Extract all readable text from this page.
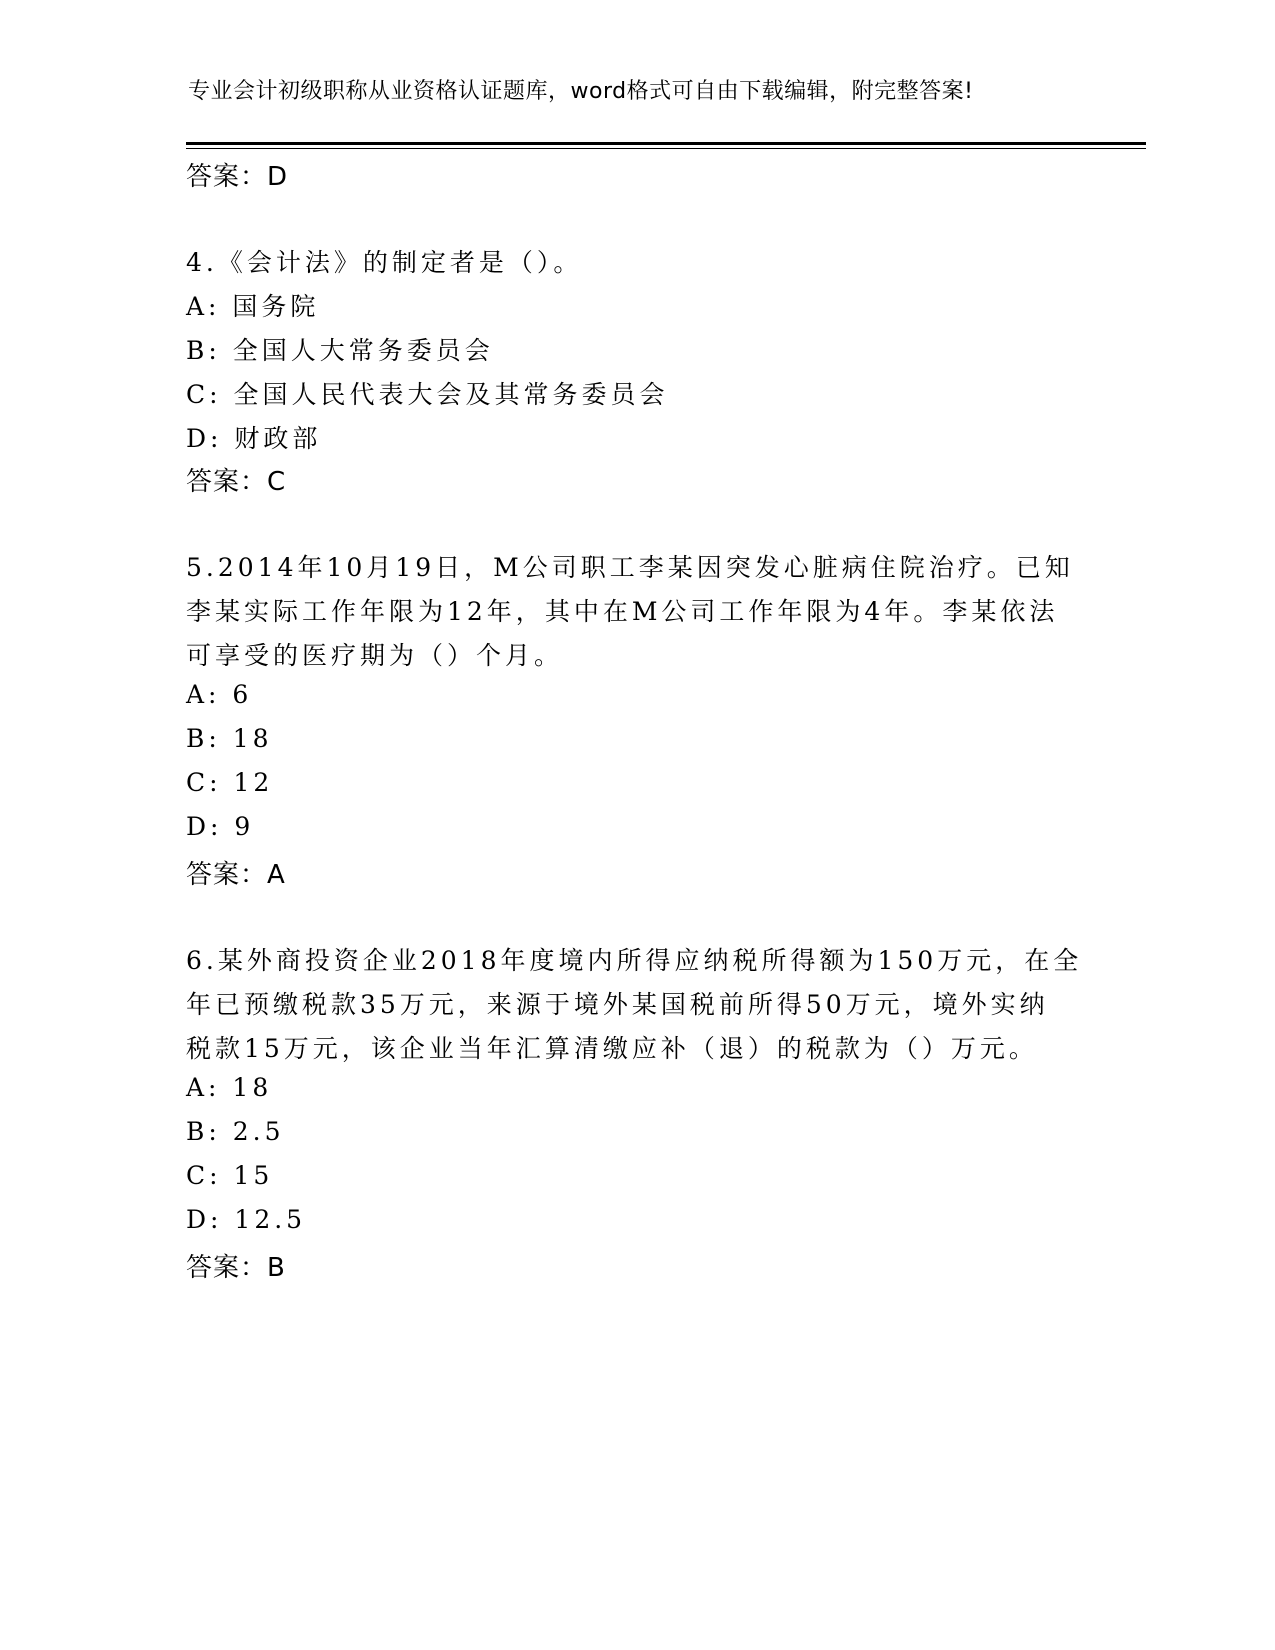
专业会计初级职称从业资格认证题库，word格式可自由下载编辑，附完整答案!
答案：D
4.《会计法》的制定者是（）。
A: 国务院
B: 全国人大常务委员会
C: 全国人民代表大会及其常务委员会
D: 财政部
答案：C
5.2014年10月19日，M公司职工李某因突发心脏病住院治疗。已知
李某实际工作年限为12年，其中在M公司工作年限为4年。李某依法
可享受的医疗期为（）个月。
A: 6
B: 18
C: 12
D: 9
答案：A
6.某外商投资企业2018年度境内所得应纳税所得额为150万元，在全
年已预缴税款35万元，来源于境外某国税前所得50万元，境外实纳
税款15万元，该企业当年汇算清缴应补（退）的税款为（）万元。
A: 18
B: 2.5
C: 15
D: 12.5
答案：B
